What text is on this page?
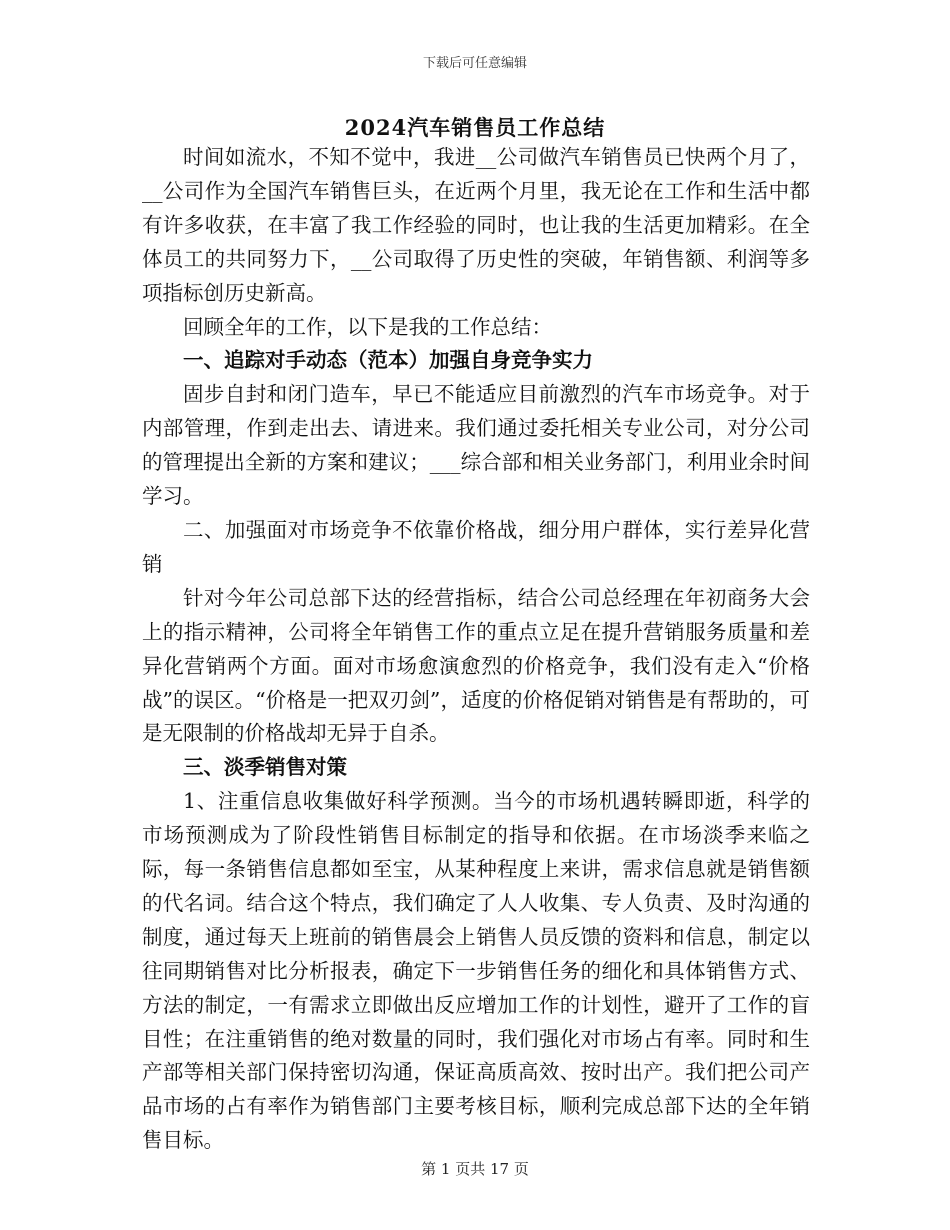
下载后可任意编辑
2024汽车销售员工作总结

时间如流水，不知不觉中，我进__公司做汽车销售员已快两个月了，__公司作为全国汽车销售巨头，在近两个月里，我无论在工作和生活中都有许多收获，在丰富了我工作经验的同时，也让我的生活更加精彩。在全体员工的共同努力下，__公司取得了历史性的突破，年销售额、利润等多项指标创历史新高。

回顾全年的工作，以下是我的工作总结：

一、追踪对手动态（范本）加强自身竞争实力

固步自封和闭门造车，早已不能适应目前激烈的汽车市场竞争。对于内部管理，作到走出去、请进来。我们通过委托相关专业公司，对分公司的管理提出全新的方案和建议；___综合部和相关业务部门，利用业余时间学习。

二、加强面对市场竞争不依靠价格战，细分用户群体，实行差异化营销

针对今年公司总部下达的经营指标，结合公司总经理在年初商务大会上的指示精神，公司将全年销售工作的重点立足在提升营销服务质量和差异化营销两个方面。面对市场愈演愈烈的价格竞争，我们没有走入“价格战”的误区。“价格是一把双刃剑”，适度的价格促销对销售是有帮助的，可是无限制的价格战却无异于自杀。

三、淡季销售对策

1、注重信息收集做好科学预测。当今的市场机遇转瞬即逝，科学的市场预测成为了阶段性销售目标制定的指导和依据。在市场淡季来临之际，每一条销售信息都如至宝，从某种程度上来讲，需求信息就是销售额的代名词。结合这个特点，我们确定了人人收集、专人负责、及时沟通的制度，通过每天上班前的销售晨会上销售人员反馈的资料和信息，制定以往同期销售对比分析报表，确定下一步销售任务的细化和具体销售方式、方法的制定，一有需求立即做出反应增加工作的计划性，避开了工作的盲目性；在注重销售的绝对数量的同时，我们强化对市场占有率。同时和生产部等相关部门保持密切沟通，保证高质高效、按时出产。我们把公司产品市场的占有率作为销售部门主要考核目标，顺利完成总部下达的全年销售目标。

第 1 页共 17 页
